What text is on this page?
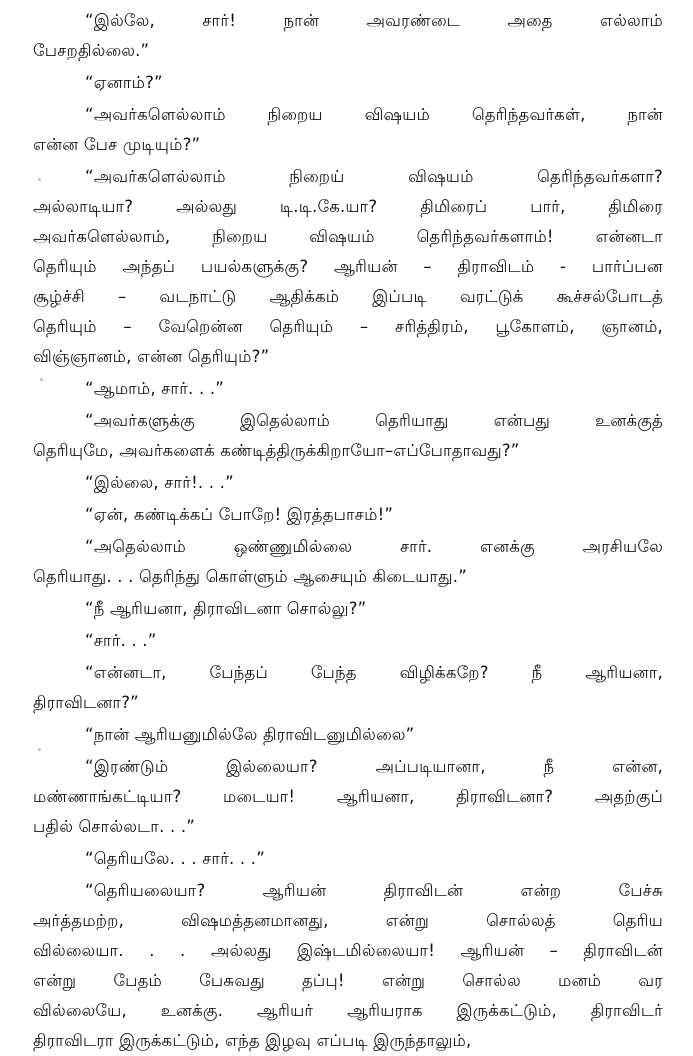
“இல்லே, சார்! நான் அவரண்டை அதை எல்லாம்
பேசறதில்லை.”

“ஏனாம்?”

“அவர்களெல்லாம் நிறைய விஷயம் தெரிந்தவர்கள், நான்
என்ன பேச முடியும்?”

“அவர்களெல்லாம் நிறைய் விஷயம் தெரிந்தவர்களா?
அல்லாடியா? அல்லது டி.டி.கே.யா? திமிரைப் பார், திமிரை
அவர்களெல்லாம், நிறைய விஷயம் தெரிந்தவர்களாம்! என்னடா
தெரியும் அந்தப் பயல்களுக்கு? ஆரியன் – திராவிடம் - பார்ப்பன
சூழ்ச்சி – வடநாட்டு ஆதிக்கம் இப்படி வரட்டுக் கூச்சல்போடத்
தெரியும் – வேறென்ன தெரியும் – சரித்திரம், பூகோளம், ஞானம்,
விஞ்ஞானம், என்ன தெரியும்?”

“ஆமாம், சார். . .”

“அவர்களுக்கு இதெல்லாம் தெரியாது என்பது உனக்குத்
தெரியுமே, அவர்களைக் கண்டித்திருக்கிறாயோ–எப்போதாவது?”

“இல்லை, சார்!. . .”

“ஏன், கண்டிக்கப் போறே! இரத்தபாசம்!”

“அதெல்லாம் ஒண்ணுமில்லை சார். எனக்கு அரசியலே
தெரியாது. . . தெரிந்து கொள்ளும் ஆசையும் கிடையாது.”

“நீ ஆரியனா, திராவிடனா சொல்லு?”

“சார். . .”

“என்னடா, பேந்தப் பேந்த விழிக்கறே? நீ ஆரியனா,
திராவிடனா?”

“நான் ஆரியனுமில்லே திராவிடனுமில்லை”

“இரண்டும் இல்லையா? அப்படியானா, நீ என்ன,
மண்ணாங்கட்டியா? மடையா! ஆரியனா, திராவிடனா? அதற்குப்
பதில் சொல்லடா. . .”

“தெரியலே. . . சார். . .”

“தெரியலையா? ஆரியன் திராவிடன் என்ற பேச்சு
அர்த்தமற்ற, விஷமத்தனமானது, என்று சொல்லத் தெரிய
வில்லையா. . . அல்லது இஷ்டமில்லையா! ஆரியன் – திராவிடன்
என்று பேதம் பேசுவது தப்பு! என்று சொல்ல மனம் வர
வில்லையே, உனக்கு. ஆரியர் ஆரியராக இருக்கட்டும், திராவிடர்
திராவிடரா இருக்கட்டும், எந்த இழவு எப்படி இருந்தாலும்,
